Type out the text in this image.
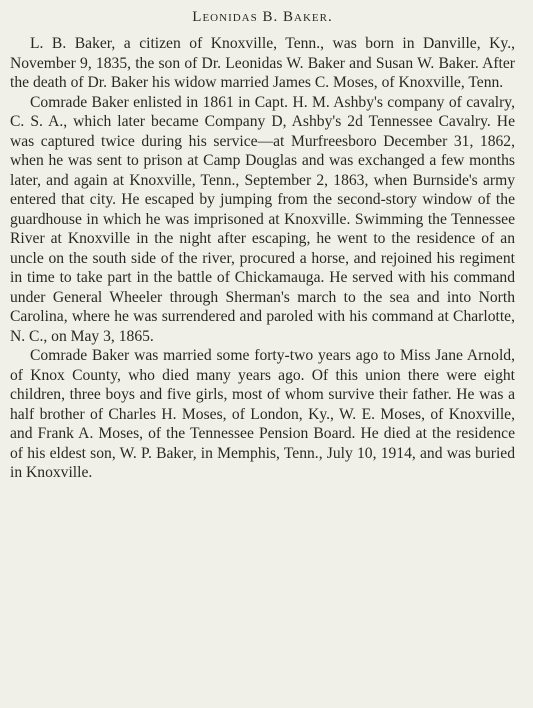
Leonidas B. Baker.

L. B. Baker, a citizen of Knoxville, Tenn., was born in Danville, Ky., November 9, 1835, the son of Dr. Leonidas W. Baker and Susan W. Baker. After the death of Dr. Baker his widow married James C. Moses, of Knoxville, Tenn.

Comrade Baker enlisted in 1861 in Capt. H. M. Ashby's company of cavalry, C. S. A., which later became Company D, Ashby's 2d Tennessee Cavalry. He was captured twice during his service—at Murfreesboro December 31, 1862, when he was sent to prison at Camp Douglas and was exchanged a few months later, and again at Knoxville, Tenn., September 2, 1863, when Burnside's army entered that city. He escaped by jumping from the second-story window of the guardhouse in which he was imprisoned at Knoxville. Swimming the Tennessee River at Knoxville in the night after escaping, he went to the residence of an uncle on the south side of the river, procured a horse, and rejoined his regiment in time to take part in the battle of Chickamauga. He served with his command under General Wheeler through Sherman's march to the sea and into North Carolina, where he was surrendered and paroled with his command at Charlotte, N. C., on May 3, 1865.

Comrade Baker was married some forty-two years ago to Miss Jane Arnold, of Knox County, who died many years ago. Of this union there were eight children, three boys and five girls, most of whom survive their father. He was a half brother of Charles H. Moses, of London, Ky., W. E. Moses, of Knoxville, and Frank A. Moses, of the Tennessee Pension Board. He died at the residence of his eldest son, W. P. Baker, in Memphis, Tenn., July 10, 1914, and was buried in Knoxville.
